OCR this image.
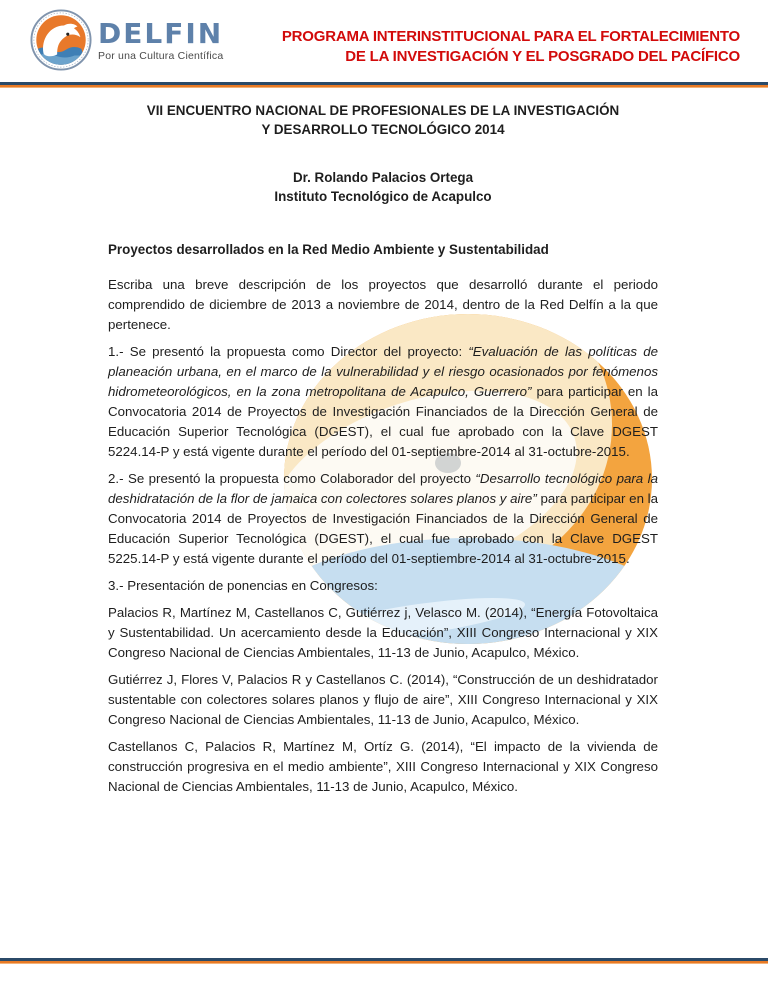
DELFIN
Por una Cultura Científica
PROGRAMA INTERINSTITUCIONAL PARA EL FORTALECIMIENTO
DE LA INVESTIGACIÓN Y EL POSGRADO DEL PACÍFICO
VII ENCUENTRO NACIONAL DE PROFESIONALES DE LA INVESTIGACIÓN
Y DESARROLLO TECNOLÓGICO 2014
Dr. Rolando Palacios Ortega
Instituto Tecnológico de Acapulco
Proyectos desarrollados en la Red Medio Ambiente y Sustentabilidad

Escriba una breve descripción de los proyectos que desarrolló durante el periodo comprendido de diciembre de 2013 a noviembre de 2014, dentro de la Red Delfín a la que pertenece.

1.- Se presentó la propuesta como Director del proyecto: “Evaluación de las políticas de planeación urbana, en el marco de la vulnerabilidad y el riesgo ocasionados por fenómenos hidrometeorológicos, en la zona metropolitana de Acapulco, Guerrero” para participar en la Convocatoria 2014 de Proyectos de Investigación Financiados de la Dirección General de Educación Superior Tecnológica (DGEST), el cual fue aprobado con la Clave DGEST 5224.14-P y está vigente durante el período del 01-septiembre-2014 al 31-octubre-2015.

2.- Se presentó la propuesta como Colaborador del proyecto “Desarrollo tecnológico para la deshidratación de la flor de jamaica con colectores solares planos y aire” para participar en la Convocatoria 2014 de Proyectos de Investigación Financiados de la Dirección General de Educación Superior Tecnológica (DGEST), el cual fue aprobado con la Clave DGEST 5225.14-P y está vigente durante el período del 01-septiembre-2014 al 31-octubre-2015.

3.- Presentación de ponencias en Congresos:

Palacios R, Martínez M, Castellanos C, Gutiérrez j, Velasco M. (2014), “Energía Fotovoltaica y Sustentabilidad. Un acercamiento desde la Educación”, XIII Congreso Internacional y XIX Congreso Nacional de Ciencias Ambientales, 11-13 de Junio, Acapulco, México.

Gutiérrez J, Flores V, Palacios R y Castellanos C. (2014), “Construcción de un deshidratador sustentable con colectores solares planos y flujo de aire”, XIII Congreso Internacional y XIX Congreso Nacional de Ciencias Ambientales, 11-13 de Junio, Acapulco, México.

Castellanos C, Palacios R, Martínez M, Ortíz G. (2014), “El impacto de la vivienda de construcción progresiva en el medio ambiente”, XIII Congreso Internacional y XIX Congreso Nacional de Ciencias Ambientales, 11-13 de Junio, Acapulco, México.
